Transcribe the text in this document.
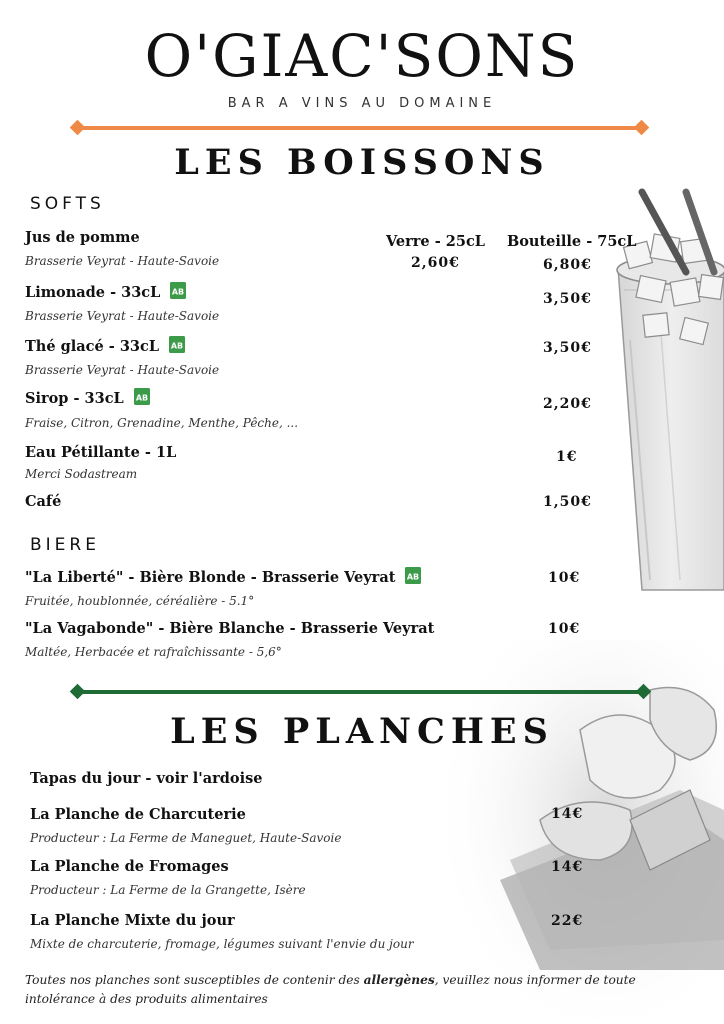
O'GIAC'SONS
BAR A VINS AU DOMAINE
LES BOISSONS
SOFTS
Verre - 25cL Bouteille - 75cL
Jus de pomme
Brasserie Veyrat - Haute-Savoie	2,60€	6,80€
Limonade - 33cL AB
Brasserie Veyrat - Haute-Savoie
3,50€
Thé glacé - 33cL AB
Brasserie Veyrat - Haute-Savoie
3,50€
Sirop - 33cL AB
Fraise, Citron, Grenadine, Menthe, Pêche, ...
2,20€
Eau Pétillante - 1L
Merci Sodastream
1€
Café	1,50€
BIERE
"La Liberté" - Bière Blonde - Brasserie Veyrat AB
Fruitée, houblonnée, céréalière - 5.1°
10€
"La Vagabonde" - Bière Blanche - Brasserie Veyrat
Maltée, Herbacée et rafraîchissante - 5,6°
10€
LES PLANCHES
Tapas du jour - voir l'ardoise
La Planche de Charcuterie
Producteur : La Ferme de Maneguet, Haute-Savoie
14€
La Planche de Fromages
Producteur : La Ferme de la Grangette, Isère
14€
La Planche Mixte du jour
Mixte de charcuterie, fromage, légumes suivant l'envie du jour
22€
Toutes nos planches sont susceptibles de contenir des allergènes, veuillez nous informer de toute intolérance à des produits alimentaires
